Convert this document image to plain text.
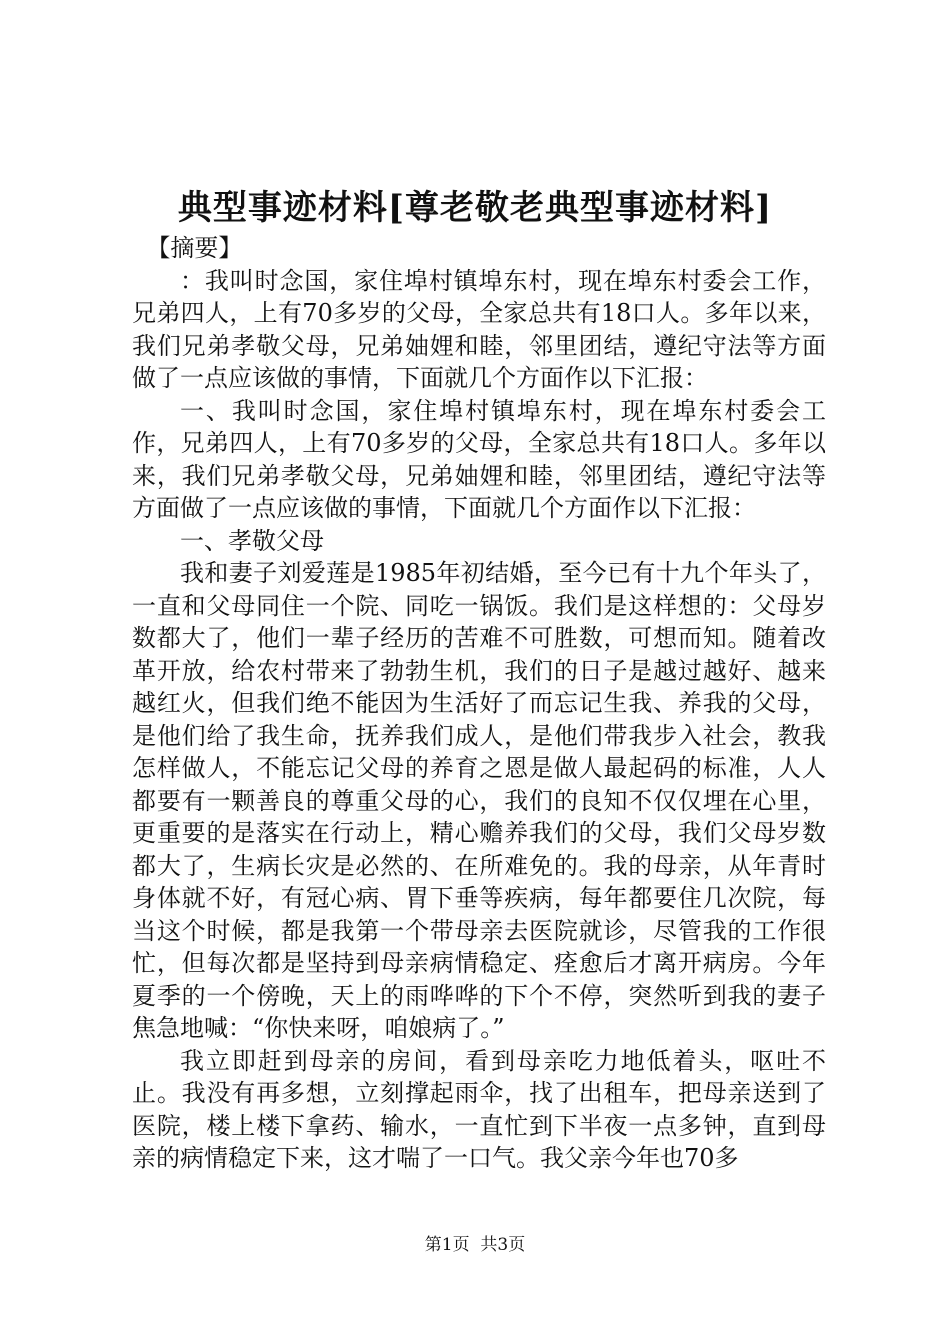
典型事迹材料[尊老敬老典型事迹材料]

【摘要】

：我叫时念国，家住埠村镇埠东村，现在埠东村委会工作，兄弟四人，上有70多岁的父母，全家总共有18口人。多年以来，我们兄弟孝敬父母，兄弟妯娌和睦，邻里团结，遵纪守法等方面做了一点应该做的事情，下面就几个方面作以下汇报：

一、我叫时念国，家住埠村镇埠东村，现在埠东村委会工作，兄弟四人，上有70多岁的父母，全家总共有18口人。多年以来，我们兄弟孝敬父母，兄弟妯娌和睦，邻里团结，遵纪守法等方面做了一点应该做的事情，下面就几个方面作以下汇报：

一、孝敬父母

我和妻子刘爱莲是1985年初结婚，至今已有十九个年头了，一直和父母同住一个院、同吃一锅饭。我们是这样想的：父母岁数都大了，他们一辈子经历的苦难不可胜数，可想而知。随着改革开放，给农村带来了勃勃生机，我们的日子是越过越好、越来越红火，但我们绝不能因为生活好了而忘记生我、养我的父母，是他们给了我生命，抚养我们成人，是他们带我步入社会，教我怎样做人，不能忘记父母的养育之恩是做人最起码的标准，人人都要有一颗善良的尊重父母的心，我们的良知不仅仅埋在心里，更重要的是落实在行动上，精心赡养我们的父母，我们父母岁数都大了，生病长灾是必然的、在所难免的。我的母亲，从年青时身体就不好，有冠心病、胃下垂等疾病，每年都要住几次院，每当这个时候，都是我第一个带母亲去医院就诊，尽管我的工作很忙，但每次都是坚持到母亲病情稳定、痊愈后才离开病房。今年夏季的一个傍晚，天上的雨哗哗的下个不停，突然听到我的妻子焦急地喊：“你快来呀，咱娘病了。”

我立即赶到母亲的房间，看到母亲吃力地低着头，呕吐不止。我没有再多想，立刻撑起雨伞，找了出租车，把母亲送到了医院，楼上楼下拿药、输水，一直忙到下半夜一点多钟，直到母亲的病情稳定下来，这才喘了一口气。我父亲今年也70多

第1页  共3页
